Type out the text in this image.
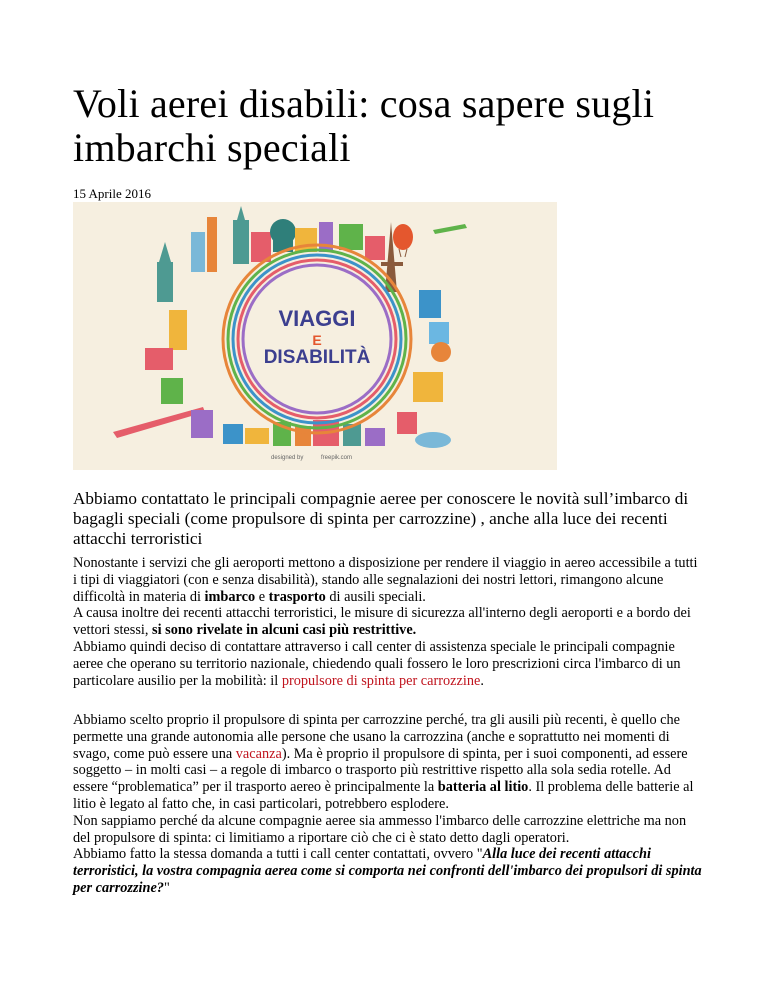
Voli aerei disabili: cosa sapere sugli imbarchi speciali
15 Aprile 2016
VIAGGI
E
DISABILITÀ
designed by	freepik.com

Abbiamo contattato le principali compagnie aeree per conoscere le novità sull’imbarco di bagagli speciali (come propulsore di spinta per carrozzine) , anche alla luce dei recenti attacchi terroristici

Nonostante i servizi che gli aeroporti mettono a disposizione per rendere il viaggio in aereo accessibile a tutti i tipi di viaggiatori (con e senza disabilità), stando alle segnalazioni dei nostri lettori, rimangono alcune difficoltà in materia di imbarco e trasporto di ausili speciali.
A causa inoltre dei recenti attacchi terroristici, le misure di sicurezza all'interno degli aeroporti e a bordo dei vettori stessi, si sono rivelate in alcuni casi più restrittive.
Abbiamo quindi deciso di contattare attraverso i call center di assistenza speciale le principali compagnie aeree che operano su territorio nazionale, chiedendo quali fossero le loro prescrizioni circa l'imbarco di un particolare ausilio per la mobilità: il propulsore di spinta per carrozzine.

Abbiamo scelto proprio il propulsore di spinta per carrozzine perché, tra gli ausili più recenti, è quello che permette una grande autonomia alle persone che usano la carrozzina (anche e soprattutto nei momenti di svago, come può essere una vacanza). Ma è proprio il propulsore di spinta, per i suoi componenti, ad essere soggetto – in molti casi – a regole di imbarco o trasporto più restrittive rispetto alla sola sedia rotelle. Ad essere “problematica” per il trasporto aereo è principalmente la batteria al litio. Il problema delle batterie al litio è legato al fatto che, in casi particolari, potrebbero esplodere.
Non sappiamo perché da alcune compagnie aeree sia ammesso l'imbarco delle carrozzine elettriche ma non del propulsore di spinta: ci limitiamo a riportare ciò che ci è stato detto dagli operatori.
Abbiamo fatto la stessa domanda a tutti i call center contattati, ovvero "Alla luce dei recenti attacchi terroristici, la vostra compagnia aerea come si comporta nei confronti dell'imbarco dei propulsori di spinta per carrozzine?"
